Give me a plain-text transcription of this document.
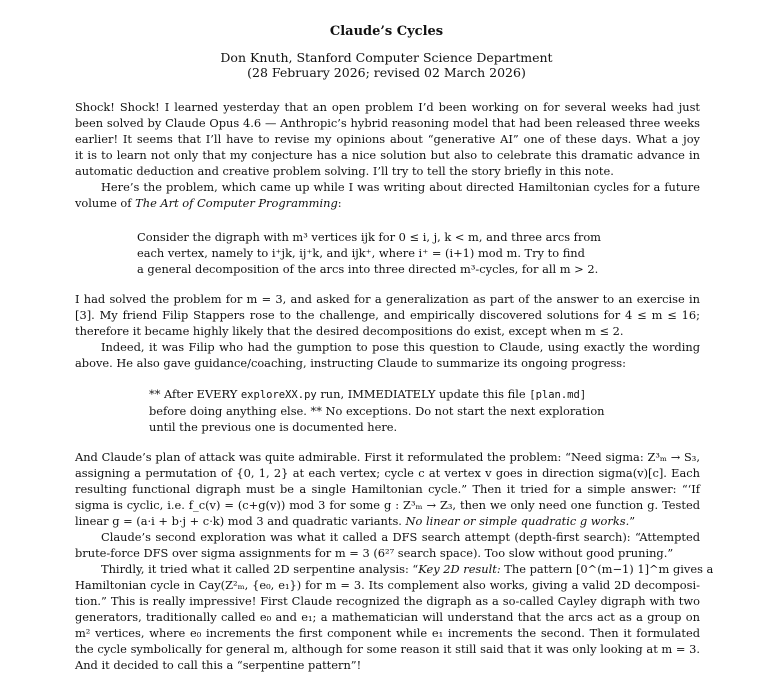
Claude’s Cycles
Don Knuth, Stanford Computer Science Department
(28 February 2026; revised 02 March 2026)
Shock! Shock! I learned yesterday that an open problem I’d been working on for several weeks had just
been solved by Claude Opus 4.6 — Anthropic’s hybrid reasoning model that had been released three weeks
earlier! It seems that I’ll have to revise my opinions about “generative AI” one of these days. What a joy
it is to learn not only that my conjecture has a nice solution but also to celebrate this dramatic advance in
automatic deduction and creative problem solving. I’ll try to tell the story briefly in this note.
Here’s the problem, which came up while I was writing about directed Hamiltonian cycles for a future
volume of The Art of Computer Programming:
Consider the digraph with m³ vertices ijk for 0 ≤ i, j, k < m, and three arcs from
each vertex, namely to i⁺jk, ij⁺k, and ijk⁺, where i⁺ = (i+1) mod m. Try to find
a general decomposition of the arcs into three directed m³-cycles, for all m > 2.
I had solved the problem for m = 3, and asked for a generalization as part of the answer to an exercise in
[3]. My friend Filip Stappers rose to the challenge, and empirically discovered solutions for 4 ≤ m ≤ 16;
therefore it became highly likely that the desired decompositions do exist, except when m ≤ 2.
Indeed, it was Filip who had the gumption to pose this question to Claude, using exactly the wording
above. He also gave guidance/coaching, instructing Claude to summarize its ongoing progress:
** After EVERY exploreXX.py run, IMMEDIATELY update this file [plan.md]
before doing anything else. ** No exceptions. Do not start the next exploration
until the previous one is documented here.
And Claude’s plan of attack was quite admirable. First it reformulated the problem: “Need sigma: Z³ₘ → S₃,
assigning a permutation of {0, 1, 2} at each vertex; cycle c at vertex v goes in direction sigma(v)[c]. Each
resulting functional digraph must be a single Hamiltonian cycle.” Then it tried for a simple answer: “‘If
sigma is cyclic, i.e. f_c(v) = (c+g(v)) mod 3 for some g : Z³ₘ → Z₃, then we only need one function g. Tested
linear g = (a·i + b·j + c·k) mod 3 and quadratic variants. No linear or simple quadratic g works.”
Claude’s second exploration was what it called a DFS search attempt (depth-first search): “Attempted
brute-force DFS over sigma assignments for m = 3 (6²⁷ search space). Too slow without good pruning.”
Thirdly, it tried what it called 2D serpentine analysis: “Key 2D result: The pattern [0^(m−1) 1]^m gives a
Hamiltonian cycle in Cay(Z²ₘ, {e₀, e₁}) for m = 3. Its complement also works, giving a valid 2D decomposi-
tion.” This is really impressive! First Claude recognized the digraph as a so-called Cayley digraph with two
generators, traditionally called e₀ and e₁; a mathematician will understand that the arcs act as a group on
m² vertices, where e₀ increments the first component while e₁ increments the second. Then it formulated
the cycle symbolically for general m, although for some reason it still said that it was only looking at m = 3.
And it decided to call this a “serpentine pattern”!
